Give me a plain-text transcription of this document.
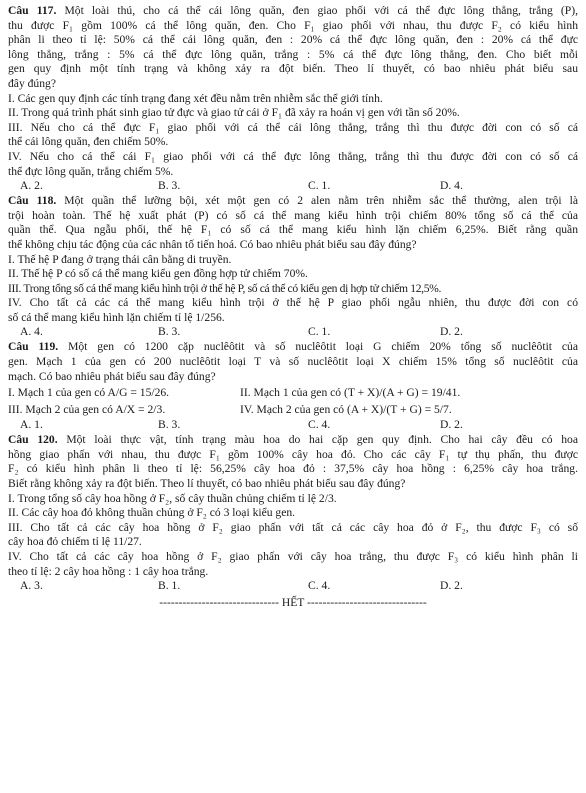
Câu 117. Một loài thú, cho cá thể cái lông quăn, đen giao phối với cá thể đực lông thẳng, trắng (P),
thu được F₁ gồm 100% cá thể lông quăn, đen. Cho F₁ giao phối với nhau, thu được F₂ có kiểu hình
phân li theo tỉ lệ: 50% cá thể cái lông quăn, đen : 20% cá thể đực lông quăn, đen : 20% cá thể đực
lông thẳng, trắng : 5% cá thể đực lông quăn, trắng : 5% cá thể đực lông thẳng, đen. Cho biết mỗi
gen quy định một tính trạng và không xảy ra đột biến. Theo lí thuyết, có bao nhiêu phát biểu sau
đây đúng?
I. Các gen quy định các tính trạng đang xét đều nằm trên nhiễm sắc thể giới tính.
II. Trong quá trình phát sinh giao tử đực và giao tử cái ở F₁ đã xảy ra hoán vị gen với tần số 20%.
III. Nếu cho cá thể đực F₁ giao phối với cá thể cái lông thẳng, trắng thì thu được đời con có số cá
thể cái lông quăn, đen chiếm 50%.
IV. Nếu cho cá thể cái F₁ giao phối với cá thể đực lông thẳng, trắng thì thu được đời con có số cá
thể đực lông quăn, trắng chiếm 5%.
A. 2.	B. 3.	C. 1.	D. 4.
Câu 118. Một quần thể lưỡng bội, xét một gen có 2 alen nằm trên nhiễm sắc thể thường, alen trội là
trội hoàn toàn. Thế hệ xuất phát (P) có số cá thể mang kiểu hình trội chiếm 80% tổng số cá thể của
quần thể. Qua ngẫu phối, thế hệ F₁ có số cá thể mang kiểu hình lặn chiếm 6,25%. Biết rằng quần
thể không chịu tác động của các nhân tố tiến hoá. Có bao nhiêu phát biểu sau đây đúng?
I. Thế hệ P đang ở trạng thái cân bằng di truyền.
II. Thế hệ P có số cá thể mang kiểu gen đồng hợp tử chiếm 70%.
III. Trong tổng số cá thể mang kiểu hình trội ở thế hệ P, số cá thể có kiểu gen dị hợp tử chiếm 12,5%.
IV. Cho tất cả các cá thể mang kiểu hình trội ở thế hệ P giao phối ngẫu nhiên, thu được đời con có
số cá thể mang kiểu hình lặn chiếm tỉ lệ 1/256.
A. 4.	B. 3.	C. 1.	D. 2.
Câu 119. Một gen có 1200 cặp nuclêôtit và số nuclêôtit loại G chiếm 20% tổng số nuclêôtit của
gen. Mạch 1 của gen có 200 nuclêôtit loại T và số nuclêôtit loại X chiếm 15% tổng số nuclêôtit của
mạch. Có bao nhiêu phát biểu sau đây đúng?
I. Mạch 1 của gen có A/G = 15/26.	II. Mạch 1 của gen có (T + X)/(A + G) = 19/41.
III. Mạch 2 của gen có A/X = 2/3.	IV. Mạch 2 của gen có (A + X)/(T + G) = 5/7.
A. 1.	B. 3.	C. 4.	D. 2.
Câu 120. Một loài thực vật, tính trạng màu hoa do hai cặp gen quy định. Cho hai cây đều có hoa
hồng giao phấn với nhau, thu được F₁ gồm 100% cây hoa đỏ. Cho các cây F₁ tự thụ phấn, thu được
F₂ có kiểu hình phân li theo tỉ lệ: 56,25% cây hoa đỏ : 37,5% cây hoa hồng : 6,25% cây hoa trắng.
Biết rằng không xảy ra đột biến. Theo lí thuyết, có bao nhiêu phát biểu sau đây đúng?
I. Trong tổng số cây hoa hồng ở F₂, số cây thuần chủng chiếm tỉ lệ 2/3.
II. Các cây hoa đỏ không thuần chủng ở F₂ có 3 loại kiểu gen.
III. Cho tất cả các cây hoa hồng ở F₂ giao phấn với tất cả các cây hoa đỏ ở F₂, thu được F₃ có số
cây hoa đỏ chiếm tỉ lệ 11/27.
IV. Cho tất cả các cây hoa hồng ở F₂ giao phấn với cây hoa trắng, thu được F₃ có kiểu hình phân li
theo tỉ lệ: 2 cây hoa hồng : 1 cây hoa trắng.
A. 3.	B. 1.	C. 4.	D. 2.
------------------------------- HẾT -------------------------------
